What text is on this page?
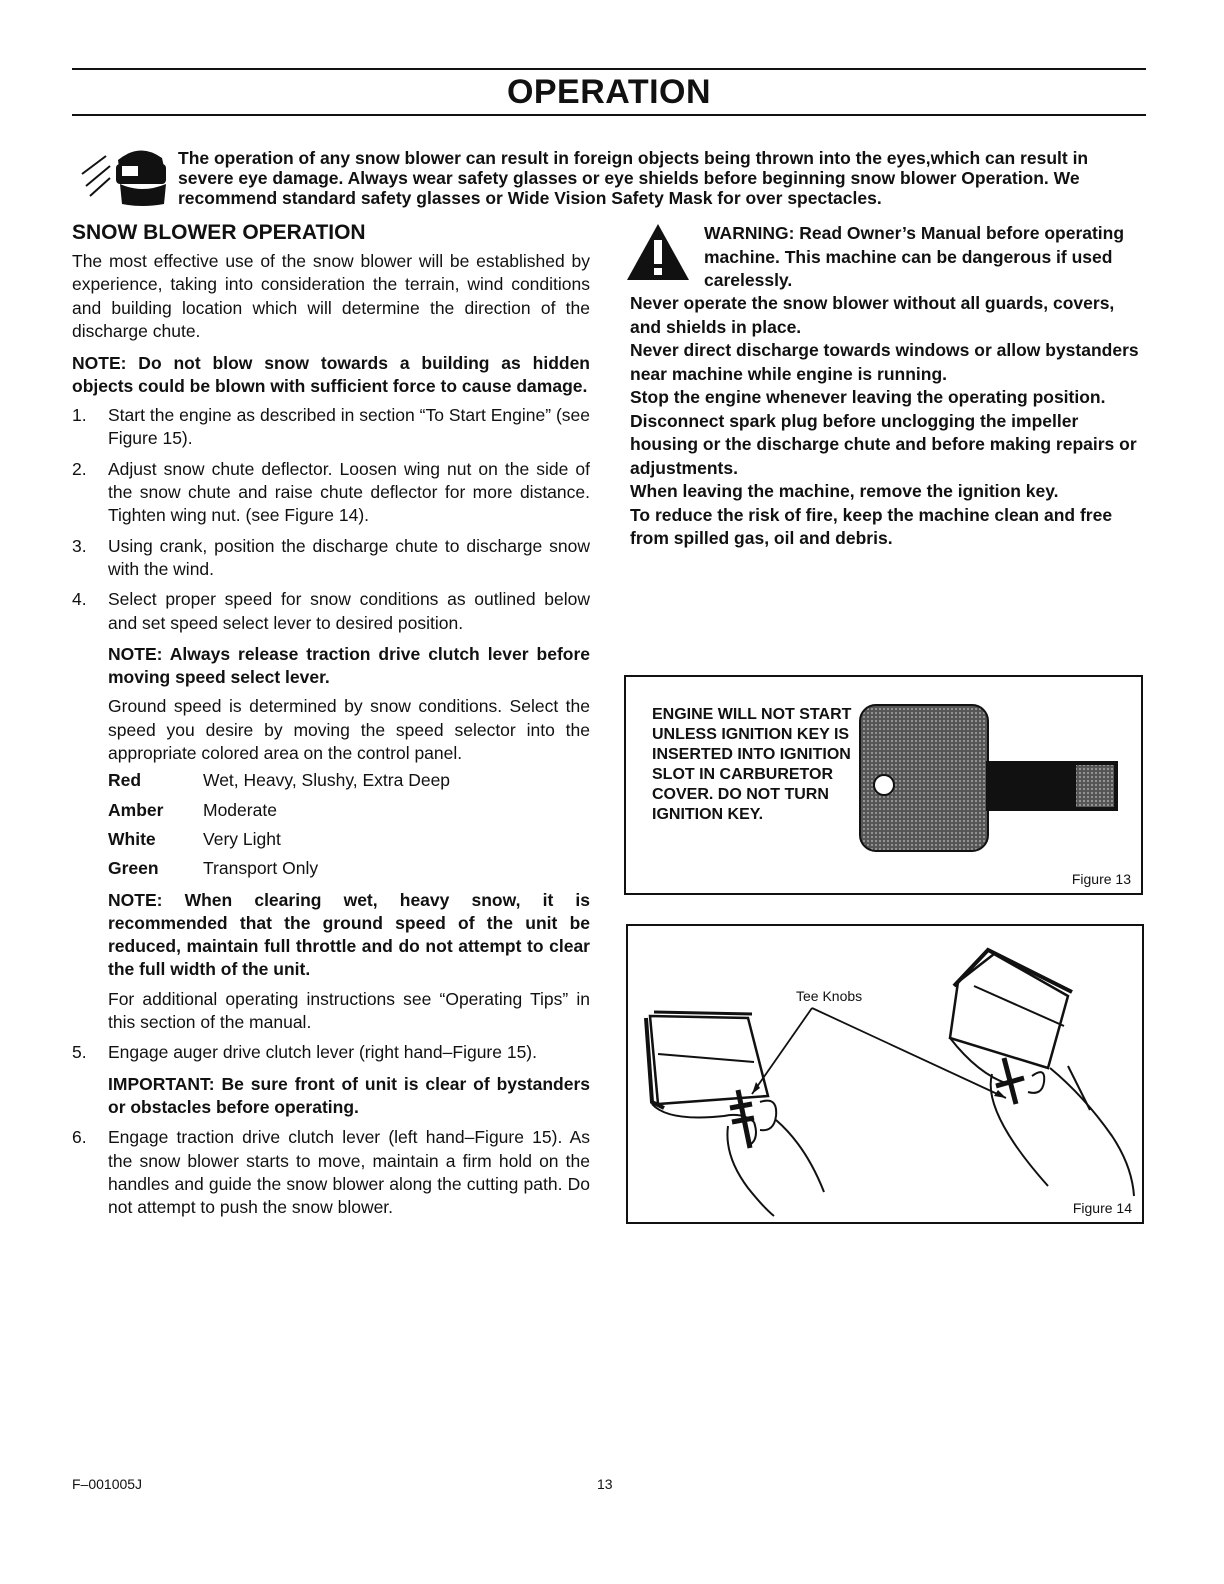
OPERATION

The operation of any snow blower can result in foreign objects being thrown into the eyes,which can result in severe eye damage. Always wear safety glasses or eye shields before beginning snow blower Operation. We recommend standard safety glasses or Wide Vision Safety Mask for over spectacles.

SNOW BLOWER OPERATION

The most effective use of the snow blower will be established by experience, taking into consideration the terrain, wind conditions and building location which will determine the direction of the discharge chute.

NOTE: Do not blow snow towards a building as hidden objects could be blown with sufficient force to cause damage.

1. Start the engine as described in section “To Start Engine” (see Figure 15).
2. Adjust snow chute deflector. Loosen wing nut on the side of the snow chute and raise chute deflector for more distance. Tighten wing nut. (see Figure 14).
3. Using crank, position the discharge chute to discharge snow with the wind.
4. Select proper speed for snow conditions as outlined below and set speed select lever to desired position.

NOTE: Always release traction drive clutch lever before moving speed select lever.

Ground speed is determined by snow conditions. Select the speed you desire by moving the speed selector into the appropriate colored area on the control panel.

Red	Wet, Heavy, Slushy, Extra Deep
Amber	Moderate
White	Very Light
Green	Transport Only

NOTE: When clearing wet, heavy snow, it is recommended that the ground speed of the unit be reduced, maintain full throttle and do not attempt to clear the full width of the unit.

For additional operating instructions see “Operating Tips” in this section of the manual.

5. Engage auger drive clutch lever (right hand–Figure 15).

IMPORTANT: Be sure front of unit is clear of bystanders or obstacles before operating.

6. Engage traction drive clutch lever (left hand–Figure 15). As the snow blower starts to move, maintain a firm hold on the handles and guide the snow blower along the cutting path. Do not attempt to push the snow blower.

WARNING: Read Owner’s Manual before operating machine. This machine can be dangerous if used carelessly.

Never operate the snow blower without all guards, covers, and shields in place.

Never direct discharge towards windows or allow bystanders near machine while engine is running.

Stop the engine whenever leaving the operating position.

Disconnect spark plug before unclogging the impeller housing or the discharge chute and before making repairs or adjustments.

When leaving the machine, remove the ignition key.

To reduce the risk of fire, keep the machine clean and free from spilled gas, oil and debris.

ENGINE WILL NOT START UNLESS IGNITION KEY IS INSERTED INTO IGNITION SLOT IN CARBURETOR COVER. DO NOT TURN IGNITION KEY.

Figure 13

Tee Knobs

Figure 14
F–001005J	13
